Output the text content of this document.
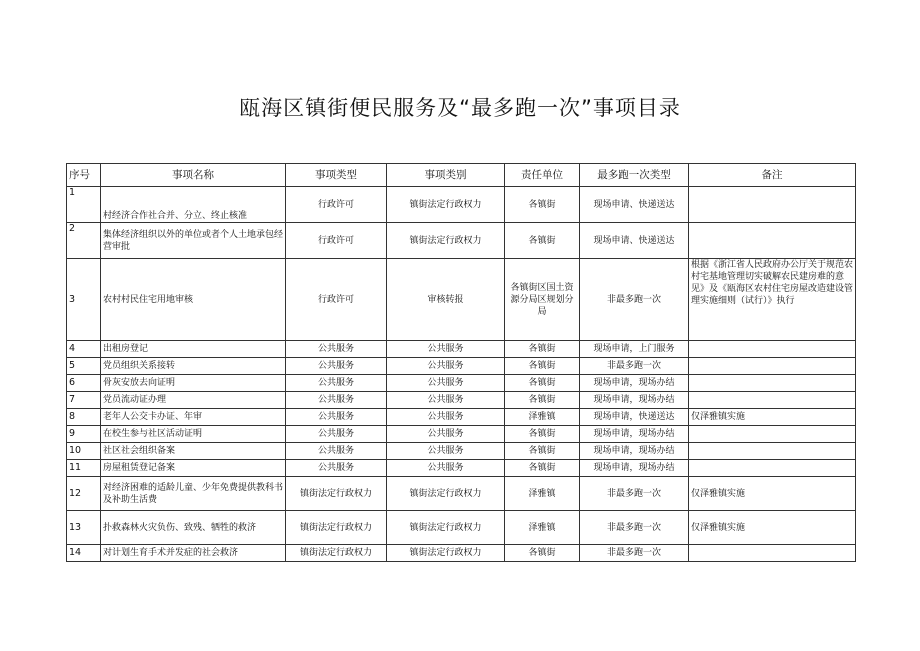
瓯海区镇街便民服务及“最多跑一次”事项目录
序号	事项名称	事项类型	事项类别	责任单位	最多跑一次类型	备注
1	村经济合作社合并、分立、终止核准	行政许可	镇街法定行政权力	各镇街	现场申请、快递送达	
2	集体经济组织以外的单位或者个人土地承包经营审批	行政许可	镇街法定行政权力	各镇街	现场申请、快递送达	
3	农村村民住宅用地审核	行政许可	审核转报	各镇街区国土资源分局区规划分局	非最多跑一次	根据《浙江省人民政府办公厅关于规范农村宅基地管理切实破解农民建房难的意见》及《瓯海区农村住宅房屋改造建设管理实施细则（试行）》执行
4	出租房登记	公共服务	公共服务	各镇街	现场申请，上门服务	
5	党员组织关系接转	公共服务	公共服务	各镇街	非最多跑一次	
6	骨灰安放去向证明	公共服务	公共服务	各镇街	现场申请，现场办结	
7	党员流动证办理	公共服务	公共服务	各镇街	现场申请，现场办结	
8	老年人公交卡办证、年审	公共服务	公共服务	泽雅镇	现场申请，快递送达	仅泽雅镇实施
9	在校生参与社区活动证明	公共服务	公共服务	各镇街	现场申请，现场办结	
10	社区社会组织备案	公共服务	公共服务	各镇街	现场申请，现场办结	
11	房屋租赁登记备案	公共服务	公共服务	各镇街	现场申请，现场办结	
12	对经济困难的适龄儿童、少年免费提供教科书及补助生活费	镇街法定行政权力	镇街法定行政权力	泽雅镇	非最多跑一次	仅泽雅镇实施
13	扑救森林火灾负伤、致残、牺牲的救济	镇街法定行政权力	镇街法定行政权力	泽雅镇	非最多跑一次	仅泽雅镇实施
14	对计划生育手术并发症的社会救济	镇街法定行政权力	镇街法定行政权力	各镇街	非最多跑一次	
